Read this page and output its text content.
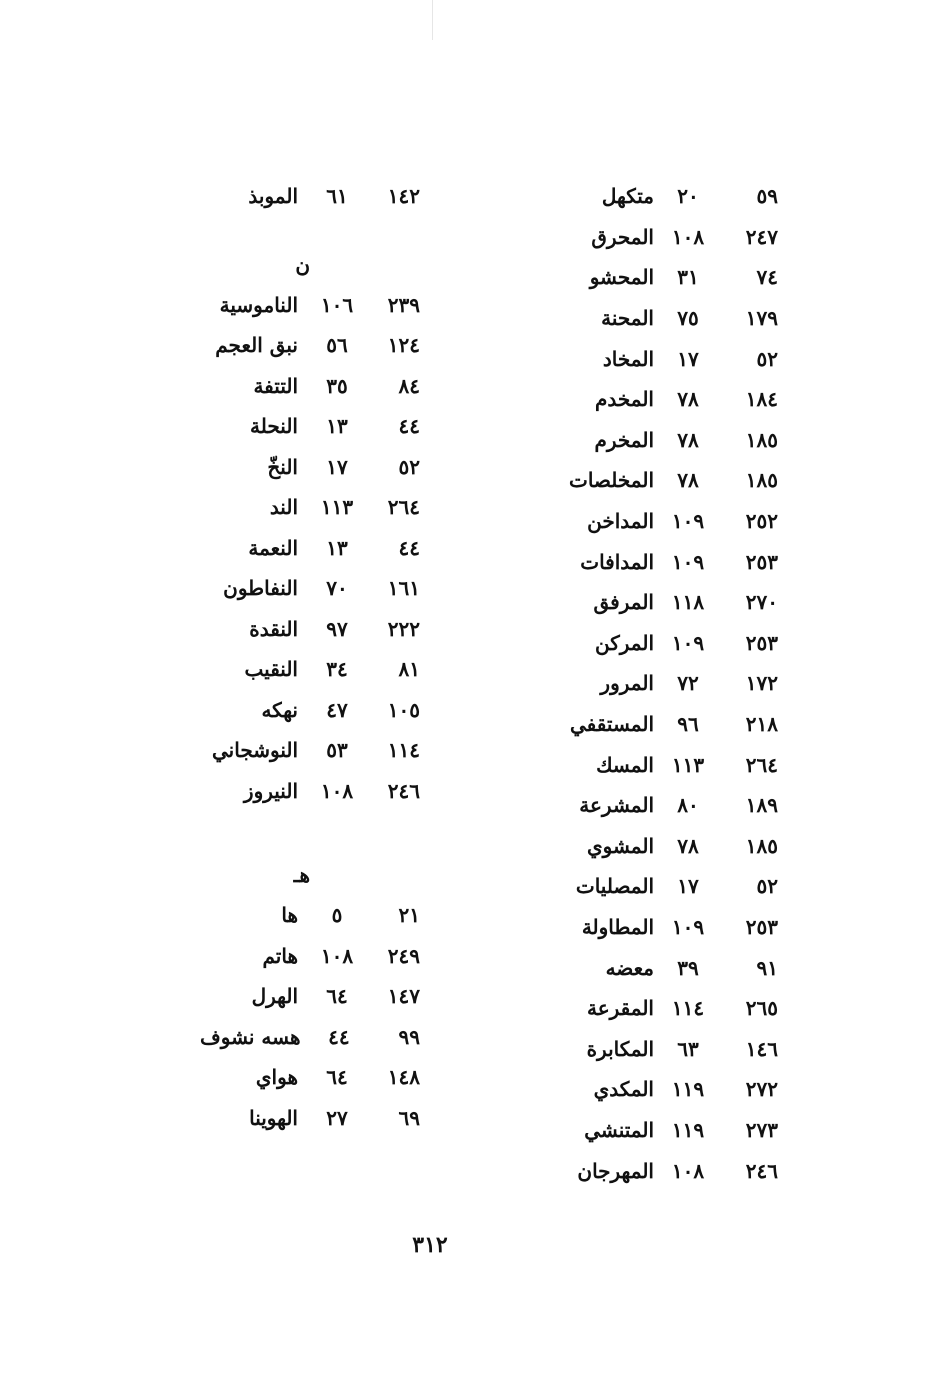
٥٩
٢٠
متكهل
٢٤٧
١٠٨
المحرق
٧٤
٣١
المحشو
١٧٩
٧٥
المحنة
٥٢
١٧
المخاد
١٨٤
٧٨
المخدم
١٨٥
٧٨
المخرم
١٨٥
٧٨
المخلصات
٢٥٢
١٠٩
المداخن
٢٥٣
١٠٩
المدافات
٢٧٠
١١٨
المرفق
٢٥٣
١٠٩
المركن
١٧٢
٧٢
المرور
٢١٨
٩٦
المستقفي
٢٦٤
١١٣
المسك
١٨٩
٨٠
المشرعة
١٨٥
٧٨
المشوي
٥٢
١٧
المصليات
٢٥٣
١٠٩
المطاولة
٩١
٣٩
معضه
٢٦٥
١١٤
المقرعة
١٤٦
٦٣
المكابرة
٢٧٢
١١٩
المكدي
٢٧٣
١١٩
المتنشي
٢٤٦
١٠٨
المهرجان
١٤٢
٦١
الموبذ
ن
٢٣٩
١٠٦
الناموسية
١٢٤
٥٦
نبق العجم
٨٤
٣٥
التتفة
٤٤
١٣
النحلة
٥٢
١٧
النخّ
٢٦٤
١١٣
الند
٤٤
١٣
النعمة
١٦١
٧٠
النفاطون
٢٢٢
٩٧
النقدة
٨١
٣٤
النقيب
١٠٥
٤٧
نهكه
١١٤
٥٣
النوشجاني
٢٤٦
١٠٨
النيروز
هـ
٢١
٥
ها
٢٤٩
١٠٨
هاتم
١٤٧
٦٤
الهرل
٩٩
٤٤
هسه نشوف
١٤٨
٦٤
هواي
٦٩
٢٧
الهوينا
٣١٢
